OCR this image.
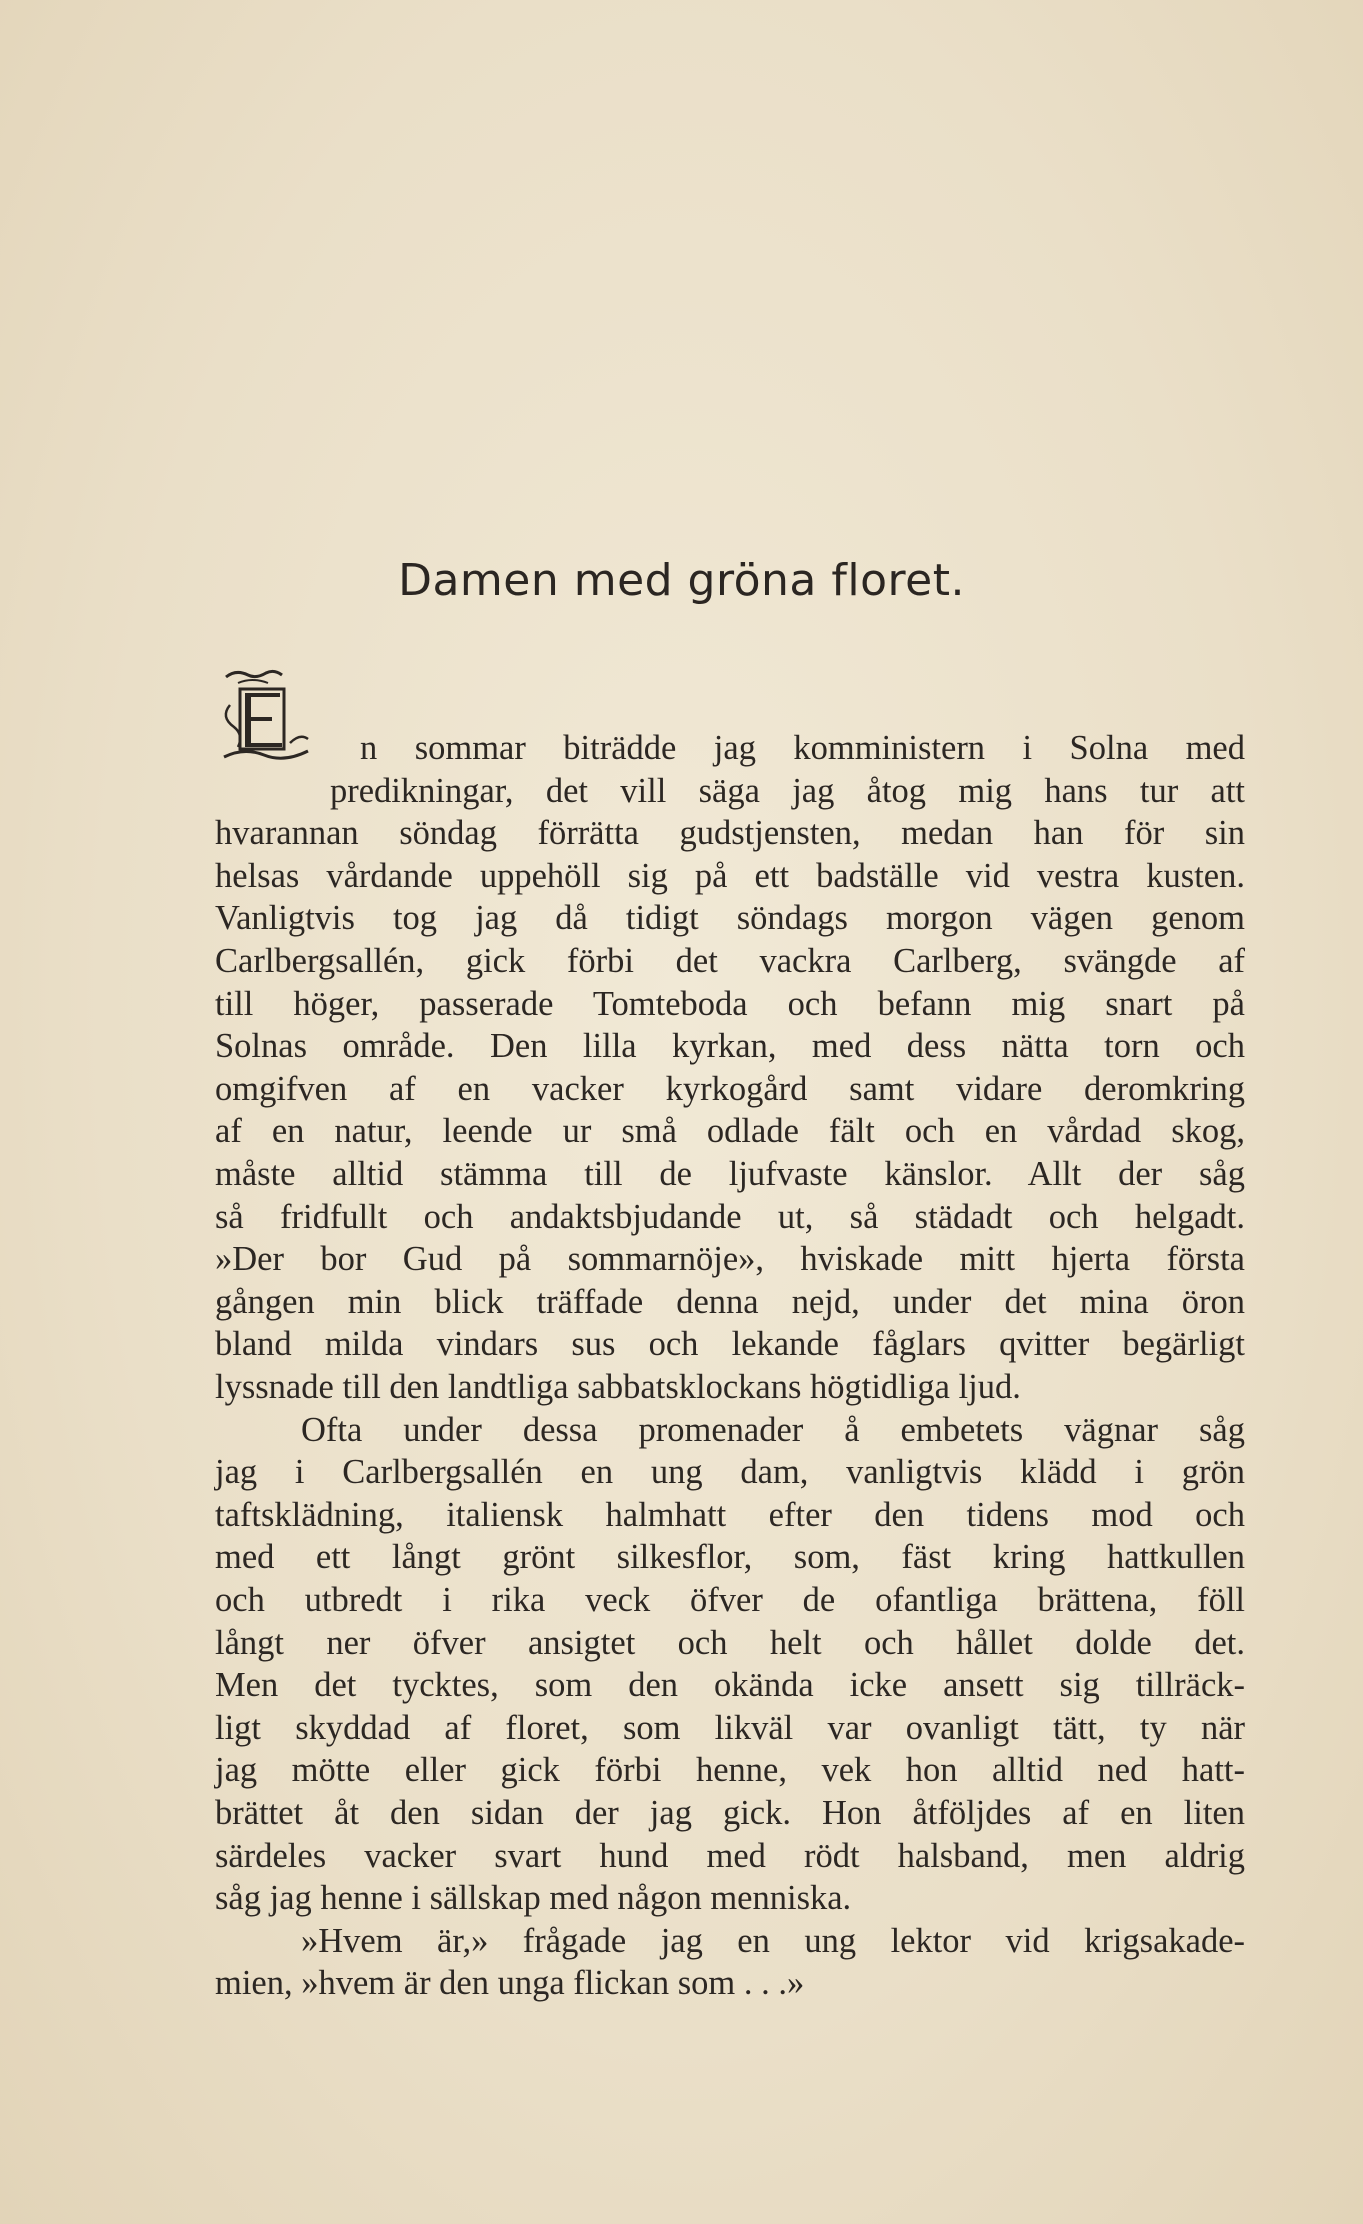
Damen med gröna floret.
n sommar biträdde jag komministern i Solna med
predikningar, det vill säga jag åtog mig hans tur att
hvarannan söndag förrätta gudstjensten, medan han för sin
helsas vårdande uppehöll sig på ett badställe vid vestra kusten.
Vanligtvis tog jag då tidigt söndags morgon vägen genom
Carlbergsallén, gick förbi det vackra Carlberg, svängde af
till höger, passerade Tomteboda och befann mig snart på
Solnas område. Den lilla kyrkan, med dess nätta torn och
omgifven af en vacker kyrkogård samt vidare deromkring
af en natur, leende ur små odlade fält och en vårdad skog,
måste alltid stämma till de ljufvaste känslor. Allt der såg
så fridfullt och andaktsbjudande ut, så städadt och helgadt.
»Der bor Gud på sommarnöje», hviskade mitt hjerta första
gången min blick träffade denna nejd, under det mina öron
bland milda vindars sus och lekande fåglars qvitter begärligt
lyssnade till den landtliga sabbatsklockans högtidliga ljud.
Ofta under dessa promenader å embetets vägnar såg
jag i Carlbergsallén en ung dam, vanligtvis klädd i grön
taftsklädning, italiensk halmhatt efter den tidens mod och
med ett långt grönt silkesflor, som, fäst kring hattkullen
och utbredt i rika veck öfver de ofantliga brättena, föll
långt ner öfver ansigtet och helt och hållet dolde det.
Men det tycktes, som den okända icke ansett sig tillräck-
ligt skyddad af floret, som likväl var ovanligt tätt, ty när
jag mötte eller gick förbi henne, vek hon alltid ned hatt-
brättet åt den sidan der jag gick. Hon åtföljdes af en liten
särdeles vacker svart hund med rödt halsband, men aldrig
såg jag henne i sällskap med någon menniska.
»Hvem är,» frågade jag en ung lektor vid krigsakade-
mien, »hvem är den unga flickan som . . .»
